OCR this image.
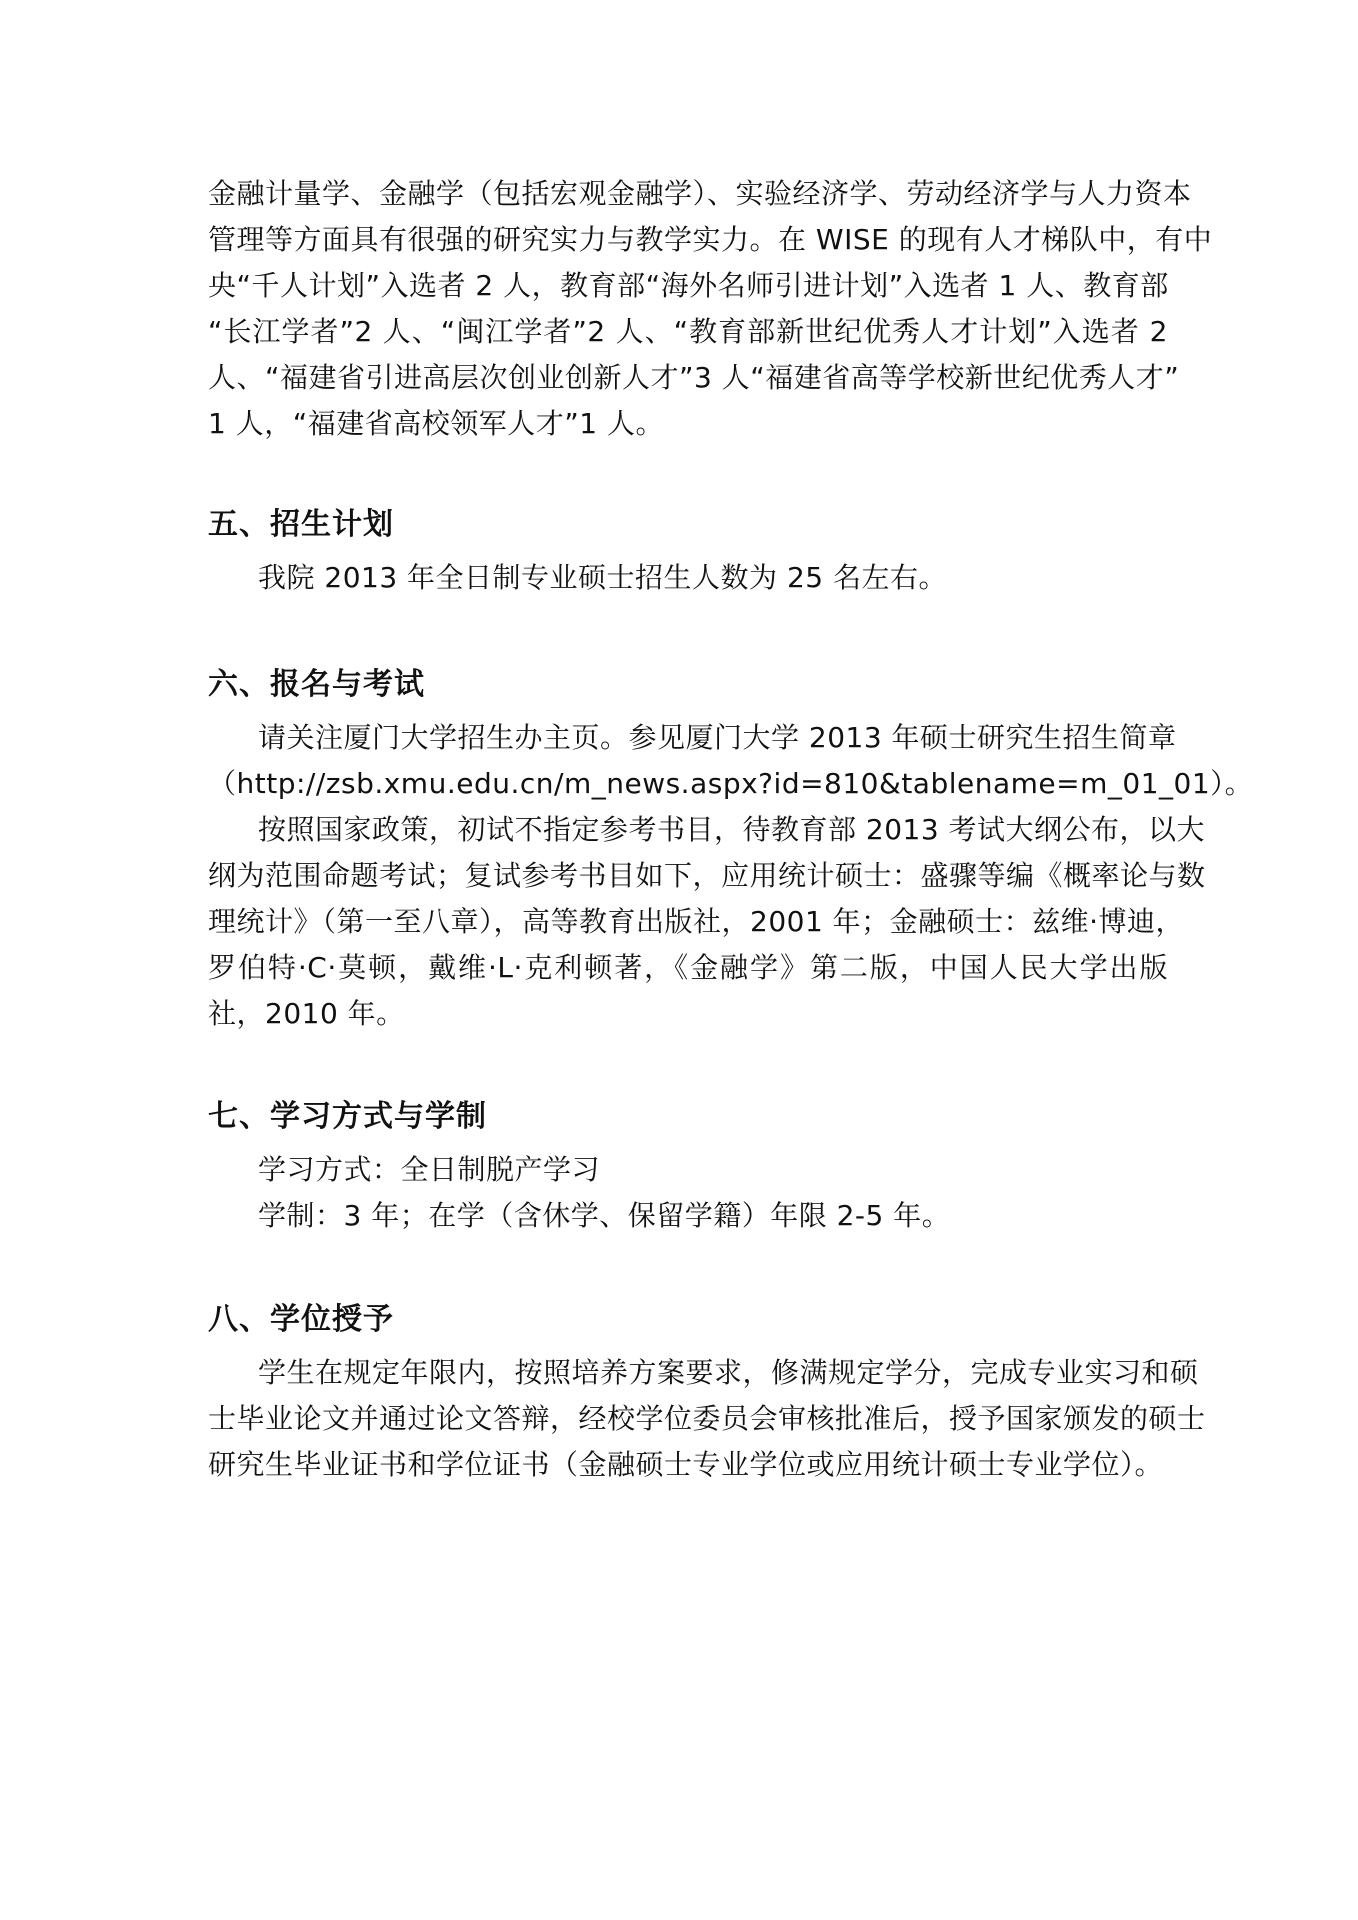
金融计量学、金融学（包括宏观金融学）、实验经济学、劳动经济学与人力资本
管理等方面具有很强的研究实力与教学实力。在 WISE 的现有人才梯队中，有中
央“千人计划”入选者 2 人，教育部“海外名师引进计划”入选者 1 人、教育部
“长江学者”2 人、“闽江学者”2 人、“教育部新世纪优秀人才计划”入选者 2
人、“福建省引进高层次创业创新人才”3 人“福建省高等学校新世纪优秀人才”
1 人，“福建省高校领军人才”1 人。
五、招生计划
我院 2013 年全日制专业硕士招生人数为 25 名左右。
六、报名与考试
请关注厦门大学招生办主页。参见厦门大学 2013 年硕士研究生招生简章
（http://zsb.xmu.edu.cn/m_news.aspx?id=810&tablename=m_01_01）。
按照国家政策，初试不指定参考书目，待教育部 2013 考试大纲公布，以大
纲为范围命题考试；复试参考书目如下，应用统计硕士：盛骤等编《概率论与数
理统计》（第一至八章），高等教育出版社，2001 年；金融硕士：兹维·博迪，
罗伯特·C·莫顿，戴维·L·克利顿著，《金融学》第二版，中国人民大学出版
社，2010 年。
七、学习方式与学制
学习方式：全日制脱产学习
学制：3 年；在学（含休学、保留学籍）年限 2-5 年。
八、学位授予
学生在规定年限内，按照培养方案要求，修满规定学分，完成专业实习和硕
士毕业论文并通过论文答辩，经校学位委员会审核批准后，授予国家颁发的硕士
研究生毕业证书和学位证书（金融硕士专业学位或应用统计硕士专业学位）。
